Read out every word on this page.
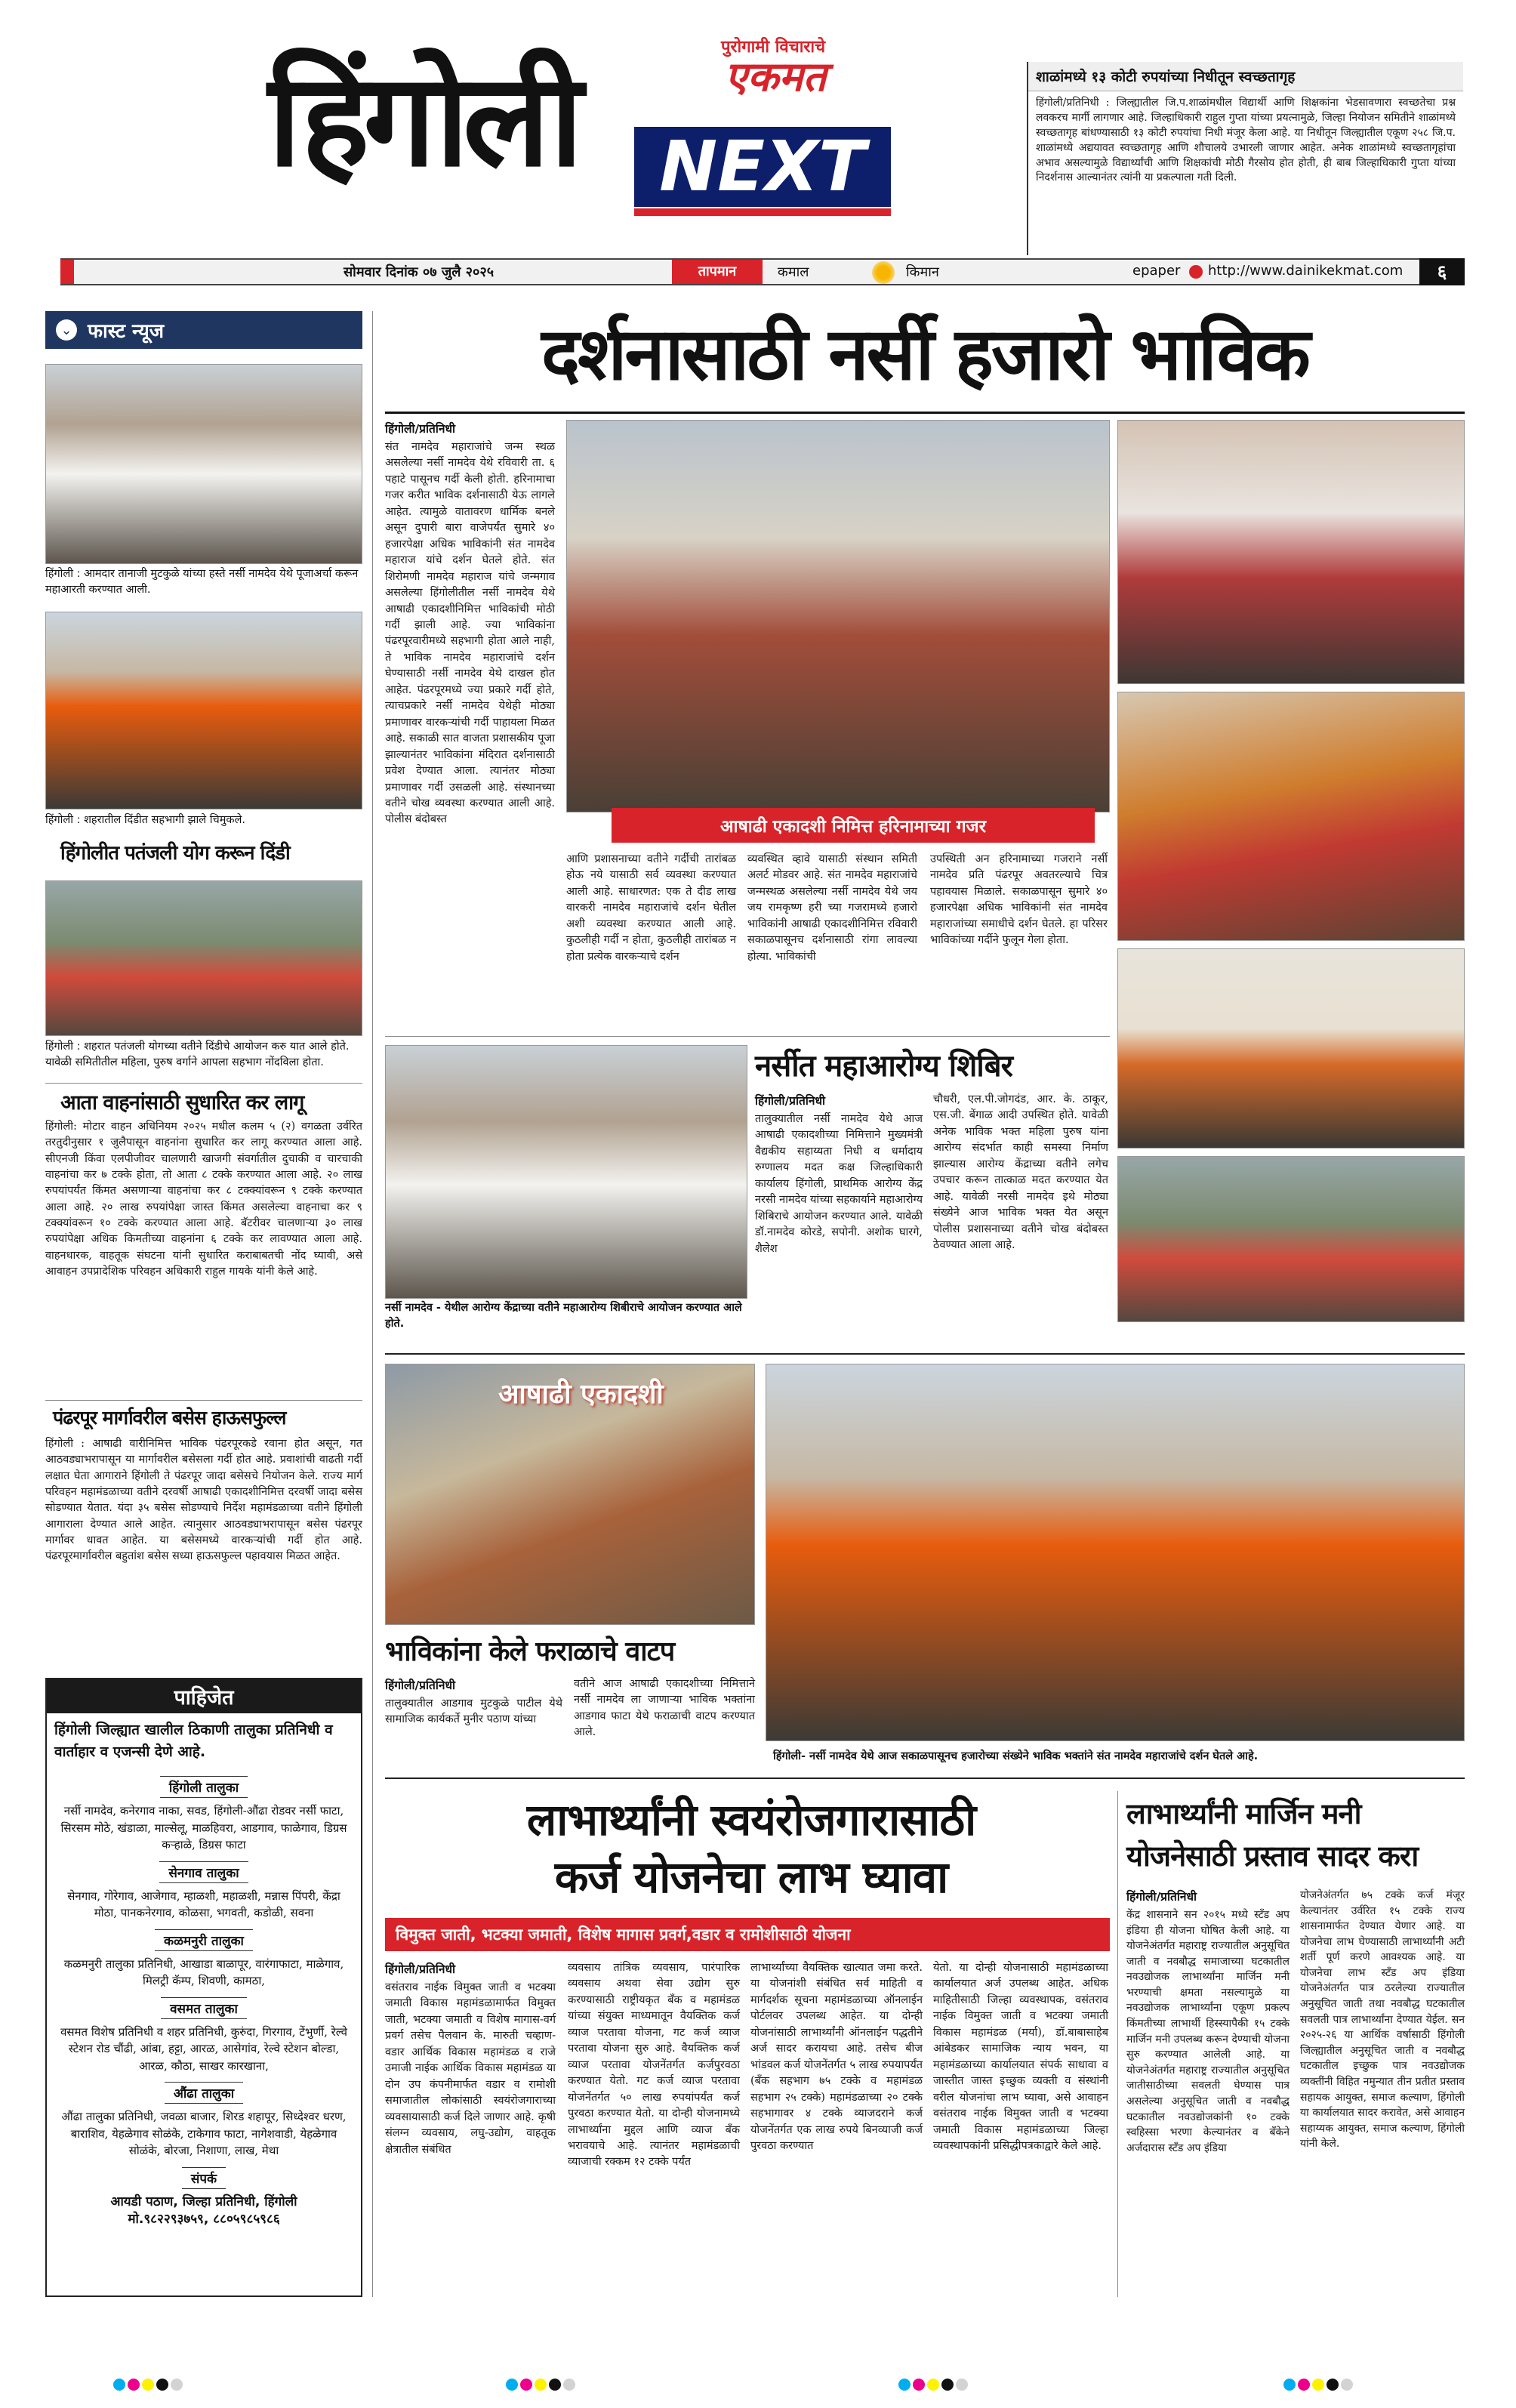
हिंगोली	पुरोगामी विचाराचे
एकमत
NEXT
शाळांमध्ये १३ कोटी रुपयांच्या निधीतून स्वच्छतागृह

हिंगोली/प्रतिनिधी : जिल्ह्यातील जि.प.शाळांमधील विद्यार्थी आणि शिक्षकांना भेडसावणारा स्वच्छतेचा प्रश्न लवकरच मार्गी लागणार आहे. जिल्हाधिकारी राहुल गुप्ता यांच्या प्रयत्नामुळे, जिल्हा नियोजन समितीने शाळांमध्ये स्वच्छतागृह बांधण्यासाठी १३ कोटी रुपयांचा निधी मंजूर केला आहे. या निधीतून जिल्ह्यातील एकूण २५८ जि.प. शाळांमध्ये अद्ययावत स्वच्छतागृह आणि शौचालये उभारली जाणार आहेत. अनेक शाळांमध्ये स्वच्छतागृहांचा अभाव असल्यामुळे विद्यार्थ्यांची आणि शिक्षकांची मोठी गैरसोय होत होती, ही बाब जिल्हाधिकारी गुप्ता यांच्या निदर्शनास आल्यानंतर त्यांनी या प्रकल्पाला गती दिली.

सोमवार दिनांक ०७ जुलै २०२५	तापमान	कमाल	किमान	epaper http://www.dainikekmat.com	६
⌄ फास्ट न्यूज
हिंगोली : आमदार तानाजी मुटकुळे यांच्या हस्ते नर्सी नामदेव येथे पूजाअर्चा करून महाआरती करण्यात आली.
हिंगोली : शहरातील दिंडीत सहभागी झाले चिमुकले.
हिंगोलीत पतंजली योग करून दिंडी
हिंगोली : शहरात पतंजली योगच्या वतीने दिंडीचे आयोजन करु यात आले होते. यावेळी समितीतील महिला, पुरुष वर्गाने आपला सहभाग नोंदविला होता.
आता वाहनांसाठी सुधारित कर लागू

हिंगोली: मोटार वाहन अधिनियम २०२५ मधील कलम ५ (२) वगळता उर्वरित तरतुदीनुसार १ जुलैपासून वाहनांना सुधारित कर लागू करण्यात आला आहे. सीएनजी किंवा एलपीजीवर चालणारी खाजगी संवर्गातील दुचाकी व चारचाकी वाहनांचा कर ७ टक्के होता, तो आता ८ टक्के करण्यात आला आहे. २० लाख रुपयांपर्यंत किंमत असणाऱ्या वाहनांचा कर ८ टक्क्यांवरून ९ टक्के करण्यात आला आहे. २० लाख रुपयांपेक्षा जास्त किंमत असलेल्या वाहनाचा कर ९ टक्क्यांवरून १० टक्के करण्यात आला आहे. बॅटरीवर चालणाऱ्या ३० लाख रुपयांपेक्षा अधिक किमतीच्या वाहनांना ६ टक्के कर लावण्यात आला आहे. वाहनधारक, वाहतूक संघटना यांनी सुधारित कराबाबतची नोंद घ्यावी, असे आवाहन उपप्रादेशिक परिवहन अधिकारी राहुल गायके यांनी केले आहे.

पंढरपूर मार्गावरील बसेस हाऊसफुल्ल

हिंगोली : आषाढी वारीनिमित्त भाविक पंढरपूरकडे रवाना होत असून, गत आठवड्याभरापासून या मार्गावरील बसेसला गर्दी होत आहे. प्रवाशांची वाढती गर्दी लक्षात घेता आगाराने हिंगोली ते पंढरपूर जादा बसेसचे नियोजन केले. राज्य मार्ग परिवहन महामंडळाच्या वतीने दरवर्षी आषाढी एकादशीनिमित्त दरवर्षी जादा बसेस सोडण्यात येतात. यंदा ३५ बसेस सोडण्याचे निर्देश महामंडळाच्या वतीने हिंगोली आगाराला देण्यात आले आहेत. त्यानुसार आठवड्याभरापासून बसेस पंढरपूर मार्गावर धावत आहेत. या बसेसमध्ये वारकऱ्यांची गर्दी होत आहे. पंढरपूरमार्गावरील बहुतांश बसेस सध्या हाऊसफुल्ल पहावयास मिळत आहेत.

पाहिजेत
हिंगोली जिल्ह्यात खालील ठिकाणी तालुका प्रतिनिधी व वार्ताहार व एजन्सी देणे आहे.
हिंगोली तालुका
नर्सी नामदेव, कनेरगाव नाका, सवड, हिंगोली-औंढा रोडवर नर्सी फाटा, सिरसम मोठे, खंडाळा, माल्सेलू, माळहिवरा, आडगाव, फाळेगाव, डिग्रस कऱ्हाळे, डिग्रस फाटा
सेनगाव तालुका
सेनगाव, गोरेगाव, आजेगाव, म्हाळशी, महाळशी, मन्नास पिंपरी, केंद्रा मोठा, पानकनेरगाव, कोळसा, भगवती, कडोळी, सवना
कळमनुरी तालुका
कळमनुरी तालुका प्रतिनिधी, आखाडा बाळापूर, वारंगाफाटा, माळेगाव, मिलट्री कॅम्प, शिवणी, कामठा,
वसमत तालुका
वसमत विशेष प्रतिनिधी व शहर प्रतिनिधी, कुरुंदा, गिरगाव, टेंभुर्णी, रेल्वे स्टेशन रोड चौंढी, आंबा, हट्टा, आरळ, आसेगांव, रेल्वे स्टेशन बोल्डा, आरळ, कौठा, साखर कारखाना,
औंढा तालुका
औंढा तालुका प्रतिनिधी, जवळा बाजार, शिरड शहापूर, सिध्देश्वर धरण, बाराशिव, येहळेगाव सोळंके, टाकेगाव फाटा, नागेशवाडी, येहळेगाव सोळंके, बोरजा, निशाणा, लाख, मेथा
संपर्क
आयडी पठाण, जिल्हा प्रतिनिधी, हिंगोली
मो.९८२२९३७५९, ८८०५९८५९८६
दर्शनासाठी नर्सी हजारो भाविक
हिंगोली/प्रतिनिधी

संत नामदेव महाराजांचे जन्म स्थळ असलेल्या नर्सी नामदेव येथे रविवारी ता. ६ पहाटे पासूनच गर्दी केली होती. हरिनामाचा गजर करीत भाविक दर्शनासाठी येऊ लागले आहेत. त्यामुळे वातावरण धार्मिक बनले असून दुपारी बारा वाजेपर्यंत सुमारे ४० हजारपेक्षा अधिक भाविकांनी संत नामदेव महाराज यांचे दर्शन घेतले होते. संत शिरोमणी नामदेव महाराज यांचे जन्मगाव असलेल्या हिंगोलीतील नर्सी नामदेव येथे आषाढी एकादशीनिमित्त भाविकांची मोठी गर्दी झाली आहे. ज्या भाविकांना पंढरपूरवारीमध्ये सहभागी होता आले नाही, ते भाविक नामदेव महाराजांचे दर्शन घेण्यासाठी नर्सी नामदेव येथे दाखल होत आहेत. पंढरपूरमध्ये ज्या प्रकारे गर्दी होते, त्याचप्रकारे नर्सी नामदेव येथेही मोठ्या प्रमाणावर वारकऱ्यांची गर्दी पाहायला मिळत आहे. सकाळी सात वाजता प्रशासकीय पूजा झाल्यानंतर भाविकांना मंदिरात दर्शनासाठी प्रवेश देण्यात आला. त्यानंतर मोठ्या प्रमाणावर गर्दी उसळली आहे. संस्थानच्या वतीने चोख व्यवस्था करण्यात आली आहे. पोलीस बंदोबस्त	आषाढी एकादशी निमित्त हरिनामाच्या गजर

आणि प्रशासनाच्या वतीने गर्दीची तारांबळ होऊ नये यासाठी सर्व व्यवस्था करण्यात आली आहे. साधारणत: एक ते दीड लाख वारकरी नामदेव महाराजांचे दर्शन घेतील अशी व्यवस्था करण्यात आली आहे. कुठलीही गर्दी न होता, कुठलीही तारांबळ न होता प्रत्येक वारकऱ्याचे दर्शन

व्यवस्थित व्हावे यासाठी संस्थान समिती अलर्ट मोडवर आहे. संत नामदेव महाराजांचे जन्मस्थळ असलेल्या नर्सी नामदेव येथे जय जय रामकृष्ण हरी च्या गजरामध्ये हजारो भाविकांनी आषाढी एकादशीनिमित्त रविवारी सकाळपासूनच दर्शनासाठी रांगा लावल्या होत्या. भाविकांची

उपस्थिती अन हरिनामाच्या गजराने नर्सी नामदेव प्रति पंढरपूर अवतरल्याचे चित्र पहावयास मिळाले. सकाळपासून सुमारे ४० हजारपेक्षा अधिक भाविकांनी संत नामदेव महाराजांच्या समाधीचे दर्शन घेतले. हा परिसर भाविकांच्या गर्दीने फुलून गेला होता.

नर्सी नामदेव - येथील आरोग्य केंद्राच्या वतीने महाआरोग्य शिबीराचे आयोजन करण्यात आले होते.
नर्सीत महाआरोग्य शिबिर
हिंगोली/प्रतिनिधी

तालुक्यातील नर्सी नामदेव येथे आज आषाढी एकादशीच्या निमित्ताने मुख्यमंत्री वैद्यकीय सहाय्यता निधी व धर्मादाय रुग्णालय मदत कक्ष जिल्हाधिकारी कार्यालय हिंगोली, प्राथमिक आरोग्य केंद्र नरसी नामदेव यांच्या सहकार्याने महाआरोग्य शिबिराचे आयोजन करण्यात आले. यावेळी डॉ.नामदेव कोरडे, सपोनी. अशोक घारगे, शैलेश

चौधरी, एल.पी.जोगदंड, आर. के. ठाकूर, एस.जी. बेंगाळ आदी उपस्थित होते. यावेळी अनेक भाविक भक्त महिला पुरुष यांना आरोग्य संदर्भात काही समस्या निर्माण झाल्यास आरोग्य केंद्राच्या वतीने लगेच उपचार करून तात्काळ मदत करण्यात येत आहे. यावेळी नरसी नामदेव इथे मोठ्या संख्येने आज भाविक भक्त येत असून पोलीस प्रशासनाच्या वतीने चोख बंदोबस्त ठेवण्यात आला आहे.

आषाढी एकादशी
भाविकांना केले फराळाचे वाटप
हिंगोली/प्रतिनिधी

तालुक्यातील आडगाव मुटकुळे पाटील येथे सामाजिक कार्यकर्ते मुनीर पठाण यांच्या

वतीने आज आषाढी एकादशीच्या निमित्ताने नर्सी नामदेव ला जाणाऱ्या भाविक भक्तांना आडगाव फाटा येथे फराळाची वाटप करण्यात आले.

हिंगोली- नर्सी नामदेव येथे आज सकाळपासूनच हजारोच्या संख्येने भाविक भक्तांने संत नामदेव महाराजांचे दर्शन घेतले आहे.
लाभार्थ्यांनी स्वयंरोजगारासाठी
कर्ज योजनेचा लाभ घ्यावा
विमुक्त जाती, भटक्या जमाती, विशेष मागास प्रवर्ग,वडार व रामोशीसाठी योजना
हिंगोली/प्रतिनिधी

वसंतराव नाईक विमुक्त जाती व भटक्या जमाती विकास महामंडळामार्फत विमुक्त जाती, भटक्या जमाती व विशेष मागास-वर्ग प्रवर्ग तसेच पैलवान के. मारुती चव्हाण-वडार आर्थिक विकास महामंडळ व राजे उमाजी नाईक आर्थिक विकास महामंडळ या दोन उप कंपनीमार्फत वडार व रामोशी समाजातील लोकांसाठी स्वयंरोजगाराच्या व्यवसायासाठी कर्ज दिले जाणार आहे. कृषी संलग्न व्यवसाय, लघु-उद्योग, वाहतूक क्षेत्रातील संबंधित

व्यवसाय तांत्रिक व्यवसाय, पारंपारिक व्यवसाय अथवा सेवा उद्योग सुरु करण्यासाठी राष्ट्रीयकृत बँक व महामंडळ यांच्या संयुक्त माध्यमातून वैयक्तिक कर्ज व्याज परतावा योजना, गट कर्ज व्याज परतावा योजना सुरु आहे. वैयक्तिक कर्ज व्याज परतावा योजनेंतर्गत कर्जपुरवठा करण्यात येतो. गट कर्ज व्याज परतावा योजनेंतर्गत ५० लाख रुपयांपर्यंत कर्ज पुरवठा करण्यात येतो. या दोन्ही योजनामध्ये लाभार्थ्यांना मुद्दल आणि व्याज बँक भरावयाचे आहे. त्यानंतर महामंडळाची व्याजाची रक्कम १२ टक्के पर्यंत

लाभार्थ्यांच्या वैयक्तिक खात्यात जमा करते. या योजनांशी संबंधित सर्व माहिती व मार्गदर्शक सूचना महामंडळाच्या ऑनलाईन पोर्टलवर उपलब्ध आहेत. या दोन्ही योजनांसाठी लाभार्थ्यांनी ऑनलाईन पद्धतीने अर्ज सादर करायचा आहे. तसेच बीज भांडवल कर्ज योजनेंतर्गत ५ लाख रुपयापर्यंत (बँक सहभाग ७५ टक्के व महामंडळ सहभाग २५ टक्के) महामंडळाच्या २० टक्के सहभागावर ४ टक्के व्याजदराने कर्ज योजनेंतर्गत एक लाख रुपये बिनव्याजी कर्ज पुरवठा करण्यात

येतो. या दोन्ही योजनासाठी महामंडळाच्या कार्यालयात अर्ज उपलब्ध आहेत. अधिक माहितीसाठी जिल्हा व्यवस्थापक, वसंतराव नाईक विमुक्त जाती व भटक्या जमाती विकास महामंडळ (मर्या), डॉ.बाबासाहेब आंबेडकर सामाजिक न्याय भवन, या महामंडळाच्या कार्यालयात संपर्क साधावा व जास्तीत जास्त इच्छुक व्यक्ती व संस्थांनी वरील योजनांचा लाभ घ्यावा, असे आवाहन वसंतराव नाईक विमुक्त जाती व भटक्या जमाती विकास महामंडळाच्या जिल्हा व्यवस्थापकांनी प्रसिद्धीपत्रकाद्वारे केले आहे.

लाभार्थ्यांनी मार्जिन मनी
योजनेसाठी प्रस्ताव सादर करा
हिंगोली/प्रतिनिधी

केंद्र शासनाने सन २०१५ मध्ये स्टँड अप इंडिया ही योजना घोषित केली आहे. या योजनेअंतर्गत महाराष्ट्र राज्यातील अनुसूचित जाती व नवबौद्ध समाजाच्या घटकातील नवउद्योजक लाभार्थ्यांना मार्जिन मनी भरण्याची क्षमता नसल्यामुळे या नवउद्योजक लाभार्थ्यांना एकूण प्रकल्प किंमतीच्या लाभार्थी हिस्स्यापैकी १५ टक्के मार्जिन मनी उपलब्ध करून देण्याची योजना सुरु करण्यात आलेली आहे. या योजनेअंतर्गत महाराष्ट्र राज्यातील अनुसूचित जातीसाठीच्या सवलती घेण्यास पात्र असलेल्या अनुसूचित जाती व नवबौद्ध घटकातील नवउद्योजकांनी १० टक्के स्वहिस्सा भरणा केल्यानंतर व बँकेने अर्जदारास स्टँड अप इंडिया

योजनेअंतर्गत ७५ टक्के कर्ज मंजूर केल्यानंतर उर्वरित १५ टक्के राज्य शासनामार्फत देण्यात येणार आहे. या योजनेचा लाभ घेण्यासाठी लाभार्थ्यांनी अटी शर्ती पूर्ण करणे आवश्यक आहे. या योजनेचा लाभ स्टँड अप इंडिया योजनेअंतर्गत पात्र ठरलेल्या राज्यातील अनुसूचित जाती तथा नवबौद्ध घटकातील सवलती पात्र लाभार्थ्यांना देण्यात येईल. सन २०२५-२६ या आर्थिक वर्षासाठी हिंगोली जिल्ह्यातील अनुसूचित जाती व नवबौद्ध घटकातील इच्छुक पात्र नवउद्योजक व्यक्तींनी विहित नमुन्यात तीन प्रतीत प्रस्ताव सहायक आयुक्त, समाज कल्याण, हिंगोली या कार्यालयात सादर करावेत, असे आवाहन सहाय्यक आयुक्त, समाज कल्याण, हिंगोली यांनी केले.
